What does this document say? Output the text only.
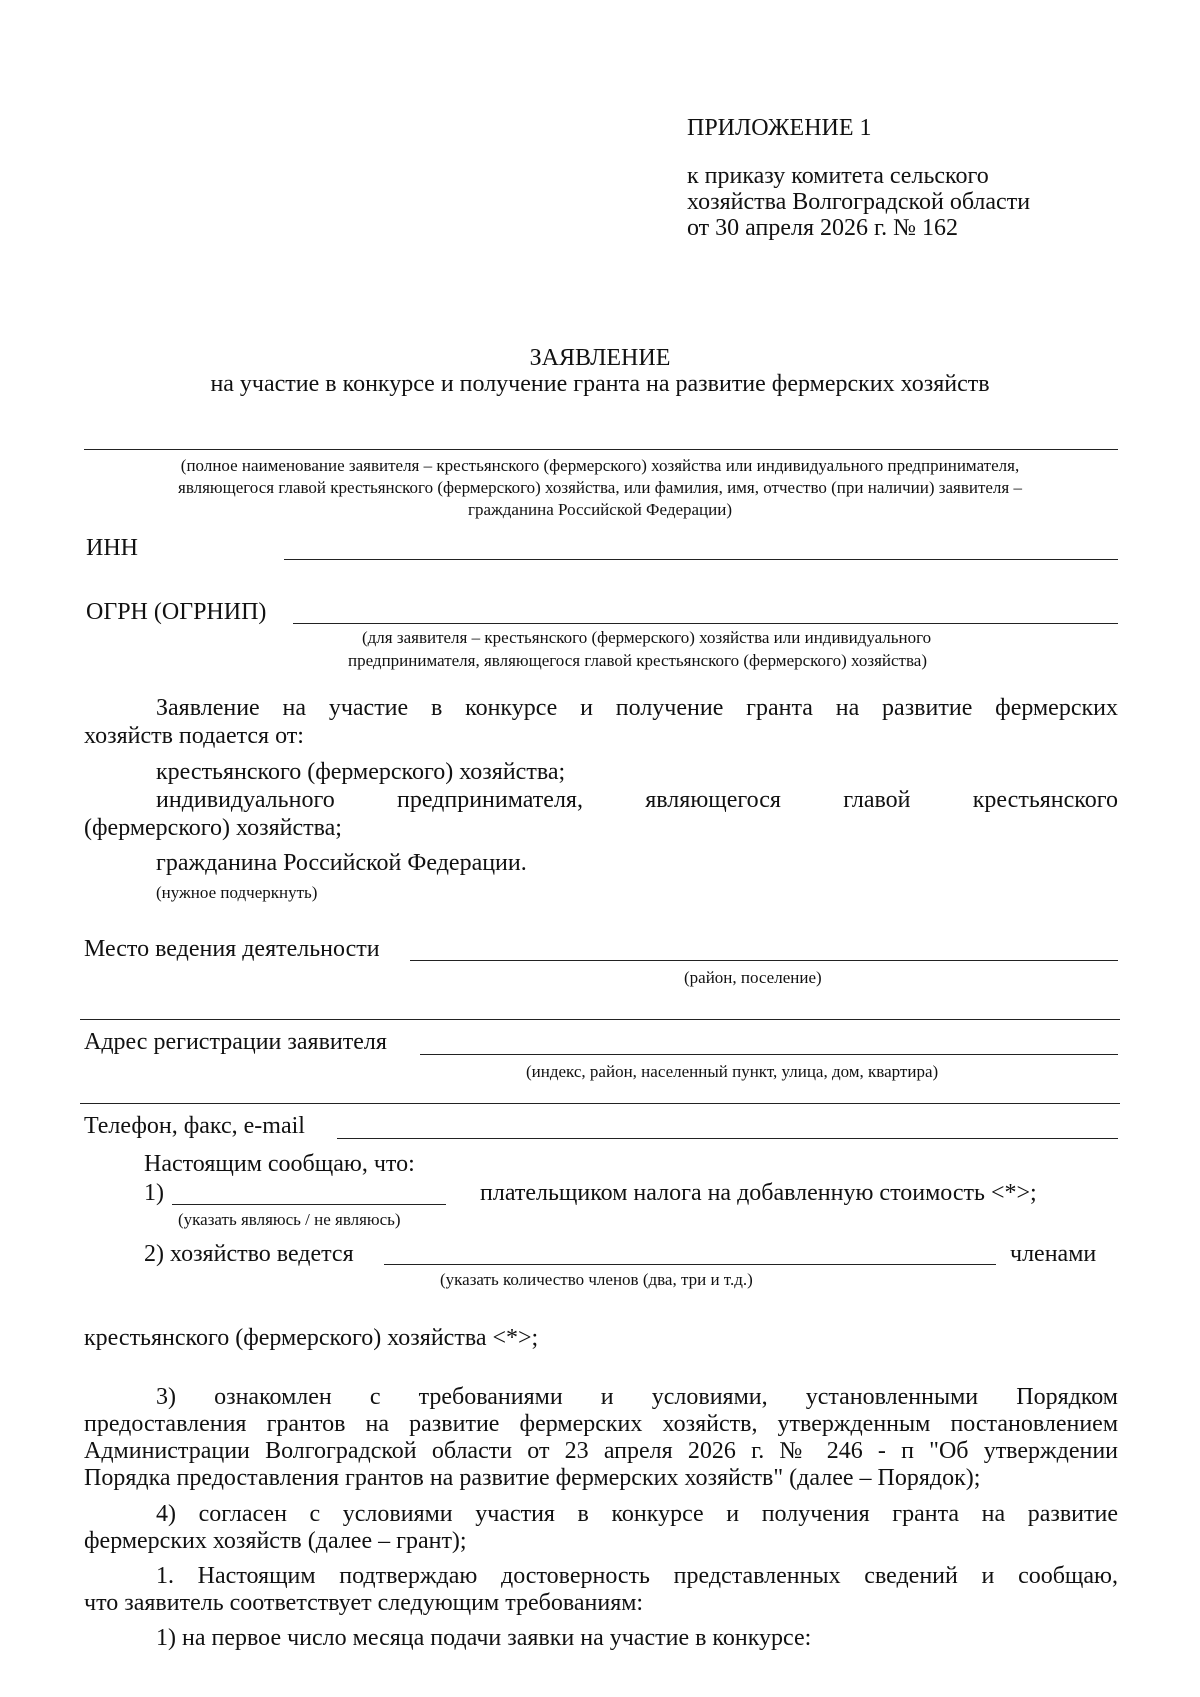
ПРИЛОЖЕНИЕ 1
к приказу комитета сельского
хозяйства Волгоградской области
от 30 апреля 2026 г. № 162
ЗАЯВЛЕНИЕ
на участие в конкурсе и получение гранта на развитие фермерских хозяйств
(полное наименование заявителя – крестьянского (фермерского) хозяйства или индивидуального предпринимателя,
являющегося главой крестьянского (фермерского) хозяйства, или фамилия, имя, отчество (при наличии) заявителя –
гражданина Российской Федерации)
ИНН
ОГРН (ОГРНИП)
(для заявителя – крестьянского (фермерского) хозяйства или индивидуального
предпринимателя, являющегося главой крестьянского (фермерского) хозяйства)
Заявление на участие в конкурсе и получение гранта на развитие фермерских
хозяйств подается от:
крестьянского (фермерского) хозяйства;
индивидуального предпринимателя, являющегося главой крестьянского
(фермерского) хозяйства;
гражданина Российской Федерации.
(нужное подчеркнуть)
Место ведения деятельности
(район, поселение)
Адрес регистрации заявителя
(индекс, район, населенный пункт, улица, дом, квартира)
Телефон, факс, e-mail
Настоящим сообщаю, что:
1)	плательщиком налога на добавленную стоимость <*>;
(указать являюсь / не являюсь)
2) хозяйство ведется	членами
(указать количество членов (два, три и т.д.)
крестьянского (фермерского) хозяйства <*>;
3) ознакомлен с требованиями и условиями, установленными Порядком
предоставления грантов на развитие фермерских хозяйств, утвержденным постановлением
Администрации Волгоградской области от 23 апреля 2026 г. № 246 - п "Об утверждении
Порядка предоставления грантов на развитие фермерских хозяйств" (далее – Порядок);
4) согласен с условиями участия в конкурсе и получения гранта на развитие
фермерских хозяйств (далее – грант);
1. Настоящим подтверждаю достоверность представленных сведений и сообщаю,
что заявитель соответствует следующим требованиям:
1) на первое число месяца подачи заявки на участие в конкурсе:
